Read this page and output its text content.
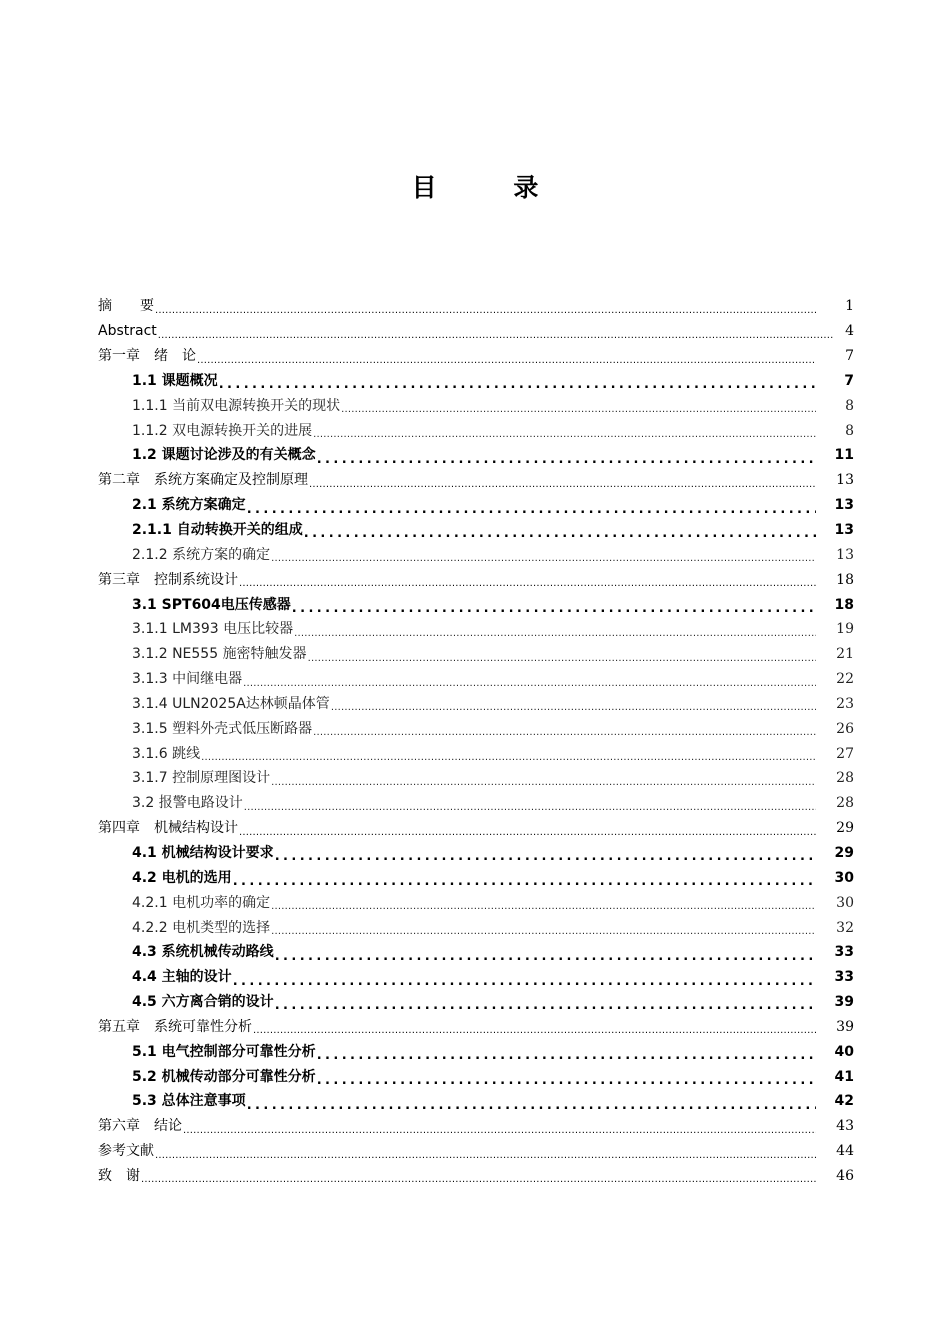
目 录
摘　　要 .....	1
Abstract .....	4
第一章　绪　论 .....	7
1.1 课题概况 .....	7
1.1.1 当前双电源转换开关的现状 .....	8
1.1.2 双电源转换开关的进展 .....	8
1.2 课题讨论涉及的有关概念 .....	11
第二章　系统方案确定及控制原理 .....	13
2.1 系统方案确定 .....	13
2.1.1 自动转换开关的组成 .....	13
2.1.2 系统方案的确定 .....	13
第三章　控制系统设计 .....	18
3.1 SPT604电压传感器 .....	18
3.1.1 LM393 电压比较器 .....	19
3.1.2 NE555 施密特触发器 .....	21
3.1.3 中间继电器 .....	22
3.1.4 ULN2025A达林顿晶体管 .....	23
3.1.5 塑料外壳式低压断路器 .....	26
3.1.6 跳线 .....	27
3.1.7 控制原理图设计 .....	28
3.2 报警电路设计 .....	28
第四章　机械结构设计 .....	29
4.1 机械结构设计要求 .....	29
4.2 电机的选用 .....	30
4.2.1 电机功率的确定 .....	30
4.2.2 电机类型的选择 .....	32
4.3 系统机械传动路线 .....	33
4.4 主轴的设计 .....	33
4.5 六方离合销的设计 .....	39
第五章　系统可靠性分析 .....	39
5.1 电气控制部分可靠性分析 .....	40
5.2 机械传动部分可靠性分析 .....	41
5.3 总体注意事项 .....	42
第六章　结论 .....	43
参考文献 .....	44
致　谢 .....	46
